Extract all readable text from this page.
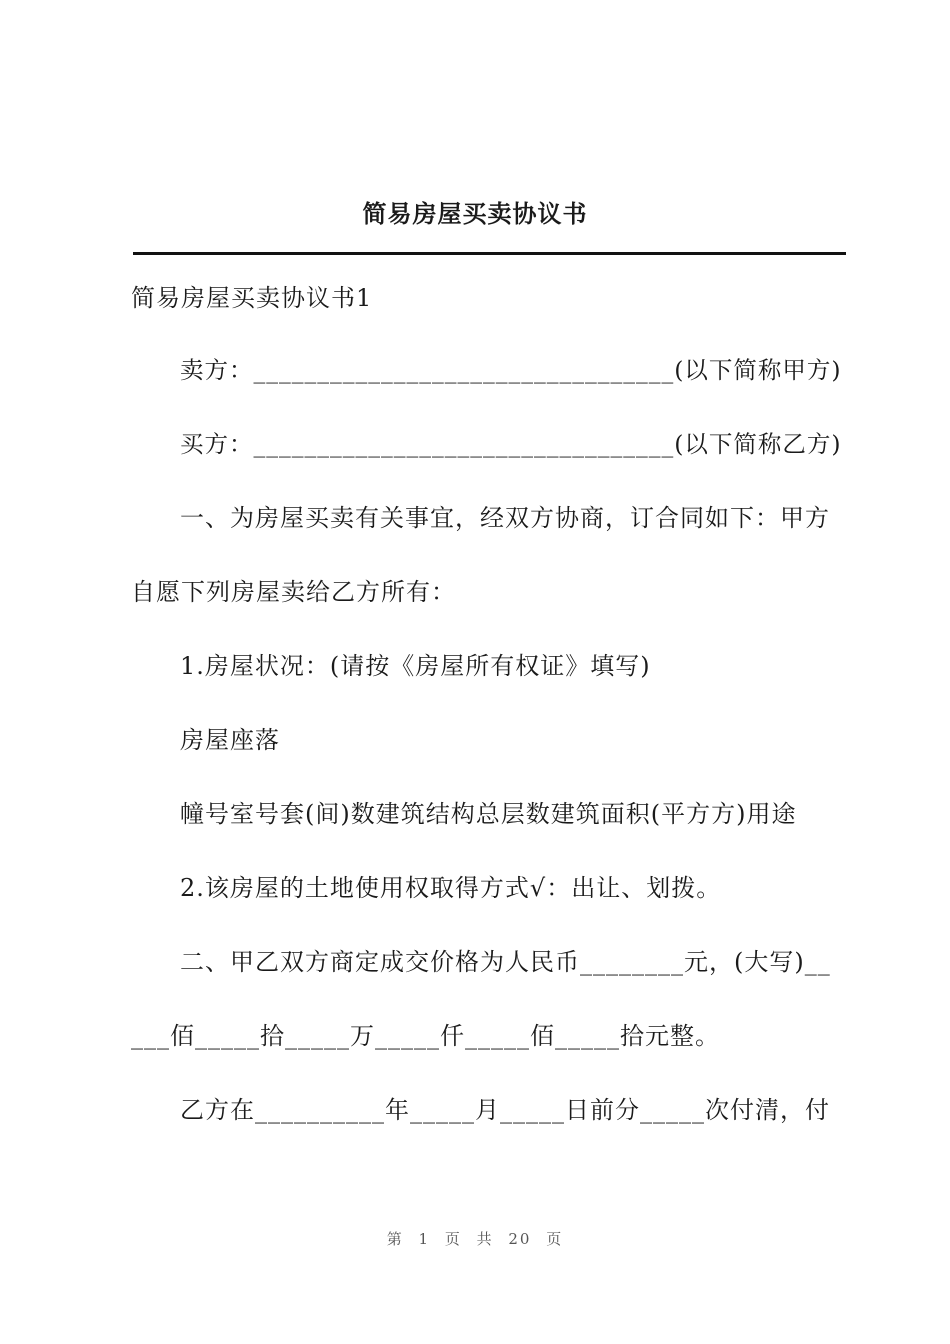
简易房屋买卖协议书

简易房屋买卖协议书1

卖方：_________________________________(以下简称甲方)

买方：_________________________________(以下简称乙方)

一、为房屋买卖有关事宜，经双方协商，订合同如下：甲方

自愿下列房屋卖给乙方所有：

1.房屋状况：(请按《房屋所有权证》填写)

房屋座落

幢号室号套(间)数建筑结构总层数建筑面积(平方方)用途

2.该房屋的土地使用权取得方式√：出让、划拨。

二、甲乙双方商定成交价格为人民币________元，(大写)__

___佰_____拾_____万_____仟_____佰_____拾元整。

乙方在__________年_____月_____日前分_____次付清，付

第 1 页 共 20 页
